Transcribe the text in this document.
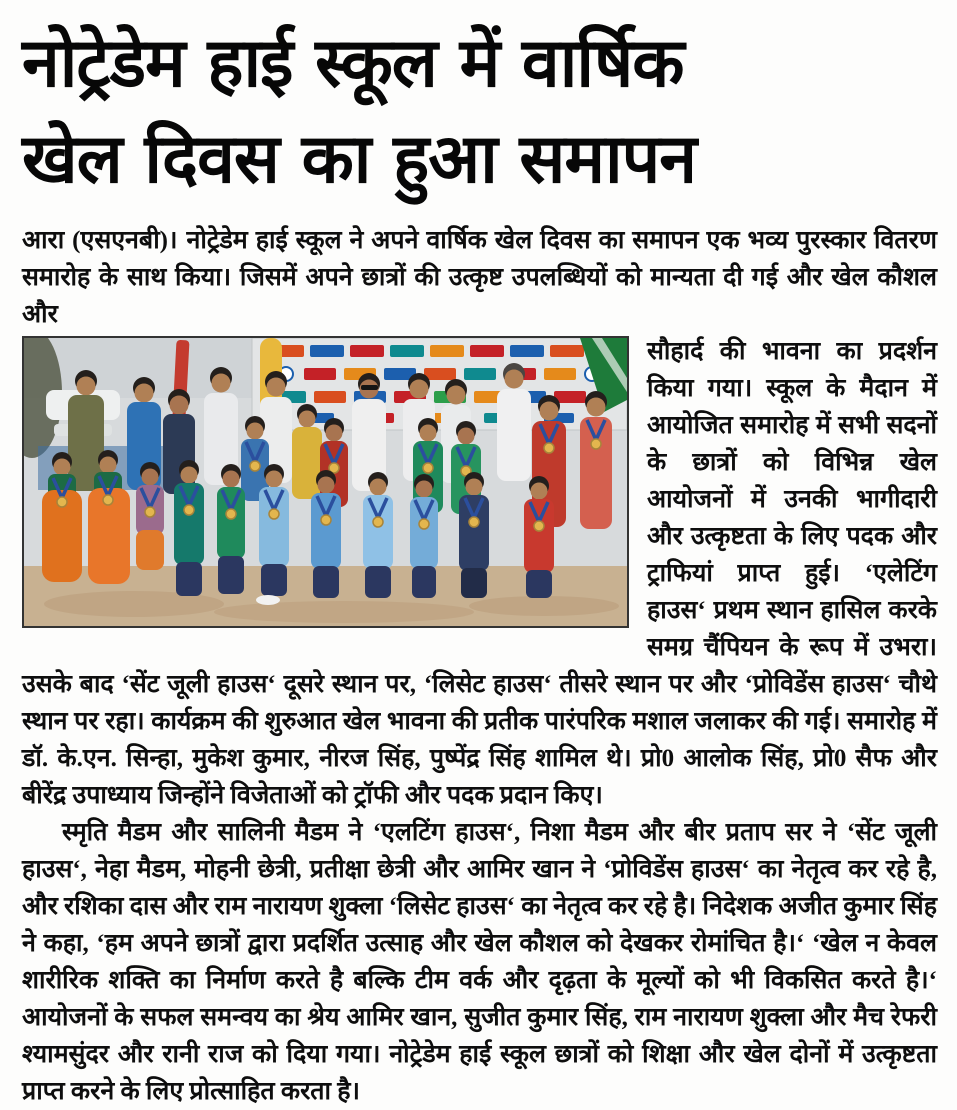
नोट्रेडेम हाई स्कूल में वार्षिक
खेल दिवस का हुआ समापन

आरा (एसएनबी)। नोट्रेडेम हाई स्कूल ने अपने वार्षिक खेल दिवस का समापन एक भव्य पुरस्कार वितरण समारोह के साथ किया। जिसमें अपने छात्रों की उत्कृष्ट उपलब्धियों को मान्यता दी गई और खेल कौशल और

सौहार्द की भावना का प्रदर्शन किया गया। स्कूल के मैदान में आयोजित समारोह में सभी सदनों के छात्रों को विभिन्न खेल आयोजनों में उनकी भागीदारी और उत्कृष्टता के लिए पदक और ट्राफियां प्राप्त हुई। ‘एलेटिंग हाउस‘ प्रथम स्थान हासिल करके समग्र चैंपियन के रूप में उभरा। उसके बाद ‘सेंट जूली हाउस‘ दूसरे स्थान पर, ‘लिसेट हाउस‘ तीसरे स्थान पर और ‘प्रोविडेंस हाउस‘ चौथे स्थान पर रहा। कार्यक्रम की शुरुआत खेल भावना की प्रतीक पारंपरिक मशाल जलाकर की गई। समारोह में डॉ. के.एन. सिन्हा, मुकेश कुमार, नीरज सिंह, पुष्पेंद्र सिंह शामिल थे। प्रो0 आलोक सिंह, प्रो0 सैफ और बीरेंद्र उपाध्याय जिन्होंने विजेताओं को ट्रॉफी और पदक प्रदान किए।

स्मृति मैडम और सालिनी मैडम ने ‘एलटिंग हाउस‘, निशा मैडम और बीर प्रताप सर ने ‘सेंट जूली हाउस‘, नेहा मैडम, मोहनी छेत्री, प्रतीक्षा छेत्री और आमिर खान ने ‘प्रोविडेंस हाउस‘ का नेतृत्व कर रहे है, और रशिका दास और राम नारायण शुक्ला ‘लिसेट हाउस‘ का नेतृत्व कर रहे है। निदेशक अजीत कुमार सिंह ने कहा, ‘हम अपने छात्रों द्वारा प्रदर्शित उत्साह और खेल कौशल को देखकर रोमांचित है।‘ ‘खेल न केवल शारीरिक शक्ति का निर्माण करते है बल्कि टीम वर्क और दृढ़ता के मूल्यों को भी विकसित करते है।‘ आयोजनों के सफल समन्वय का श्रेय आमिर खान, सुजीत कुमार सिंह, राम नारायण शुक्ला और मैच रेफरी श्यामसुंदर और रानी राज को दिया गया। नोट्रेडेम हाई स्कूल छात्रों को शिक्षा और खेल दोनों में उत्कृष्टता प्राप्त करने के लिए प्रोत्साहित करता है।
